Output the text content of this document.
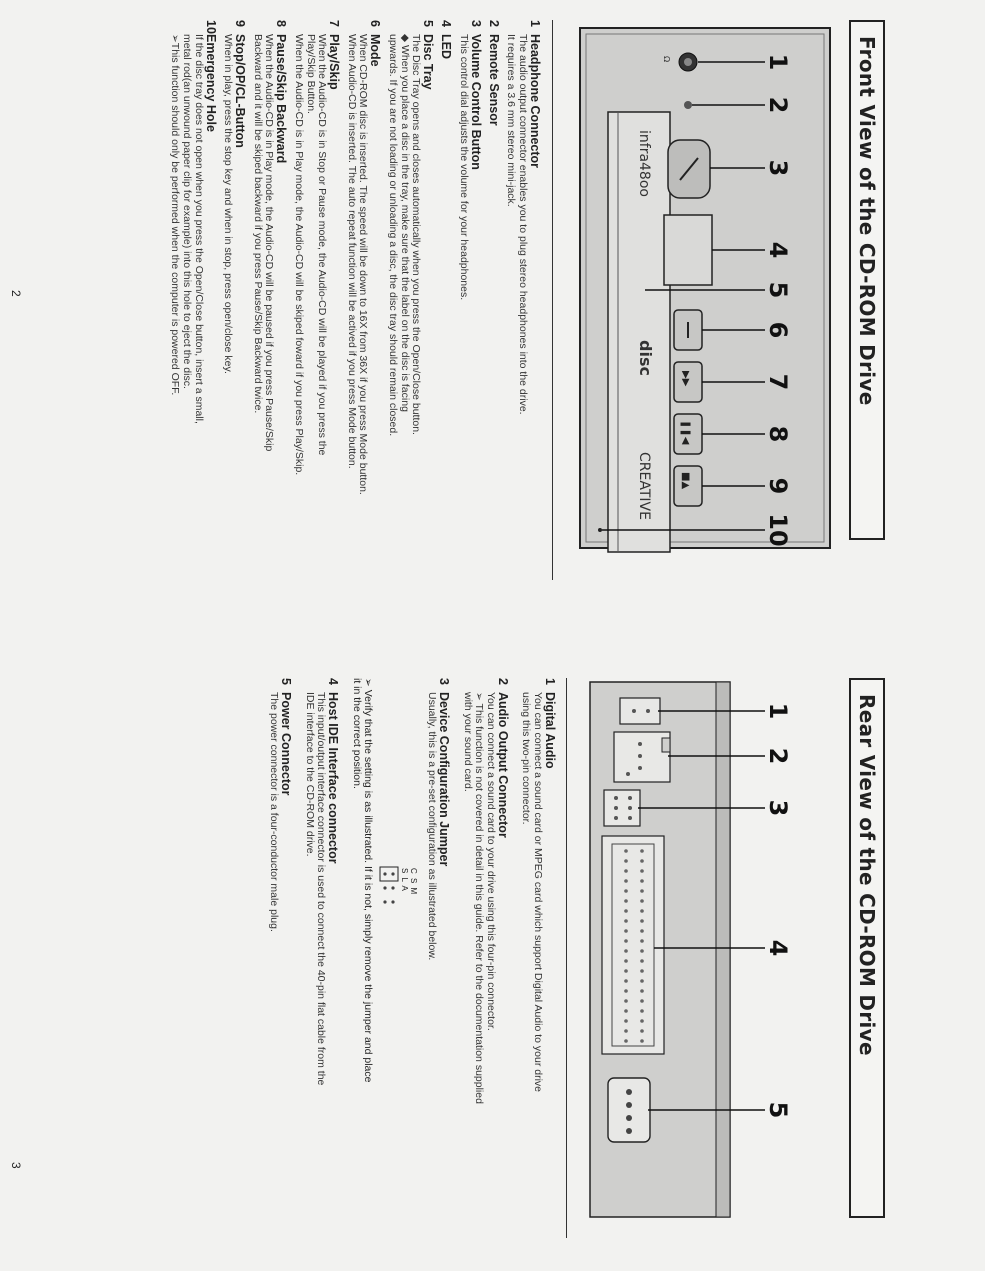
Front View of the CD-ROM Drive
infra48oo
disc
CREATIVE
Ω
▶▶
❚❚◀
■▲
1
2
3
4
5
6
7
8
9
10
1Headphone Connector
The audio output connector enables you to plug stereo headphones into the drive.
It requires a 3.6 mm stereo mini-jack.
2Remote Sensor
3Volume Control Button
This control dial adjusts the volume for your headphones.
4LED
5Disc Tray
The Disc Tray opens and closes automatically when you press the Open/Close button.
◆ When you place a disc in the tray, make sure that the label on the disc is facing
upwards. If you are not loading or unloading a disc, the disc tray should remain closed.
6Mode
When CD-ROM disc is inserted. The speed will be down to 16X from 36X if you press Mode button.
When Audio-CD is inserted. The auto repeat function will be actived if you press Mode button.
7Play/Skip
When the Audio-CD is in Stop or Pause mode, the Audio-CD will be played if you press the
Play/Skip Button.
When the Audio-CD is in Play mode, the Audio-CD will be skiped foward if you press Play/Skip.
8Pause/Skip Backward
When the Audio-CD is in Play mode, the Audio-CD will be paused if you press Pause/Skip
Backward and it will be skiped backward if you press Pause/Skip Backward twice.
9Stop/OP/CL-Button
When in play, press the stop key and when in stop, press open/close key.
10Emergency Hole
If the disc tray does not open when you press the Open/Close button, insert a small,
metal rod(an unwound paper clip for example) into this hole to eject the disc.
➢This function should only be performed when the computer is powered OFF.
2
Rear View of the CD-ROM Drive
1
2
3
4
5
1Digital Audio
You can connect a sound card or MPEG card which support Digital Audio to your drive
using this two-pin connector.
2Audio Output Connector
You can connect a sound card to your drive using this four-pin connector.
➢ This function is not covered in detail in this guide. Refer to the documentation supplied
with your sound card.
3Device Configuration Jumper
Usually, this is a pre-set configuration as illustrated below.
C S M
S L A
➢ Verify that the setting is as illustrated. If it is not, simply remove the jumper and place
it in the correct position.
4Host IDE Interface connector
This input/output interface connector is used to connect the 40-pin flat cable from the
IDE interface to the CD-ROM drive.
5Power Connector
The power connector is a four-conductor male plug.
3
